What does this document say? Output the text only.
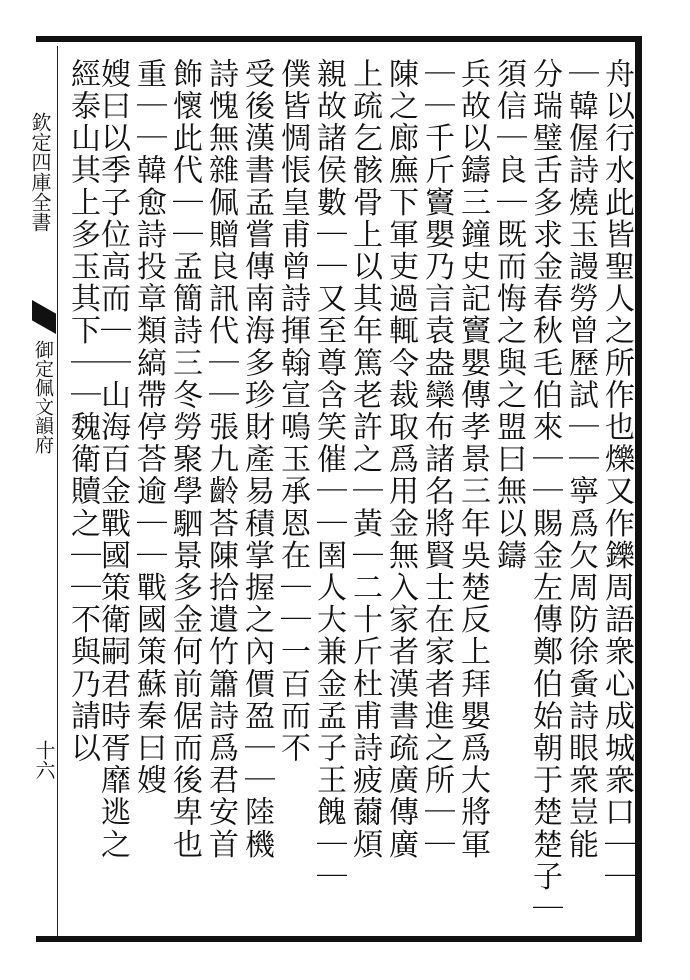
欽定四庫全書
御定佩文韻府
十六	舟以行水此皆聖人之所作也爍又作鑠周語衆心成城衆口｜｜
｜韓偓詩燒玉謾勞曾歷試｜｜寧爲欠周防徐夤詩眼衆豈能
分瑞璧舌多求金春秋毛伯來｜｜賜金左傳鄭伯始朝于楚楚子｜
須信｜良｜既而悔之與之盟曰無以鑄
兵故以鑄三鐘史記竇嬰傳孝景三年吳楚反上拜嬰爲大將軍
｜｜千斤竇嬰乃言袁盎欒布諸名將賢士在家者進之所｜｜
陳之廊廡下軍吏過輒令裁取爲用金無入家者漢書疏廣傳廣
上疏乞骸骨上以其年篤老許之｜黃｜二十斤杜甫詩疲薾煩
親故諸侯數｜｜又至尊含笑催｜｜圉人大兼金孟子王餽｜｜
僕皆惆悵皇甫曾詩揮翰宣鳴玉承恩在｜｜一百而不
受後漢書孟嘗傳南海多珍財產易積掌握之內價盈｜｜陸機
詩愧無雜佩贈良訊代｜｜張九齡荅陳拾遺竹簫詩爲君安首
飾懷此代｜｜孟簡詩三冬勞聚學駟景多金何前倨而後卑也
重｜｜韓愈詩投章類縞帶停荅逾｜｜戰國策蘇秦曰嫂
嫂曰以季子位高而｜｜山海百金戰國策衛嗣君時胥靡逃之
經泰山其上多玉其下｜｜魏衛贖之｜｜不與乃請以
